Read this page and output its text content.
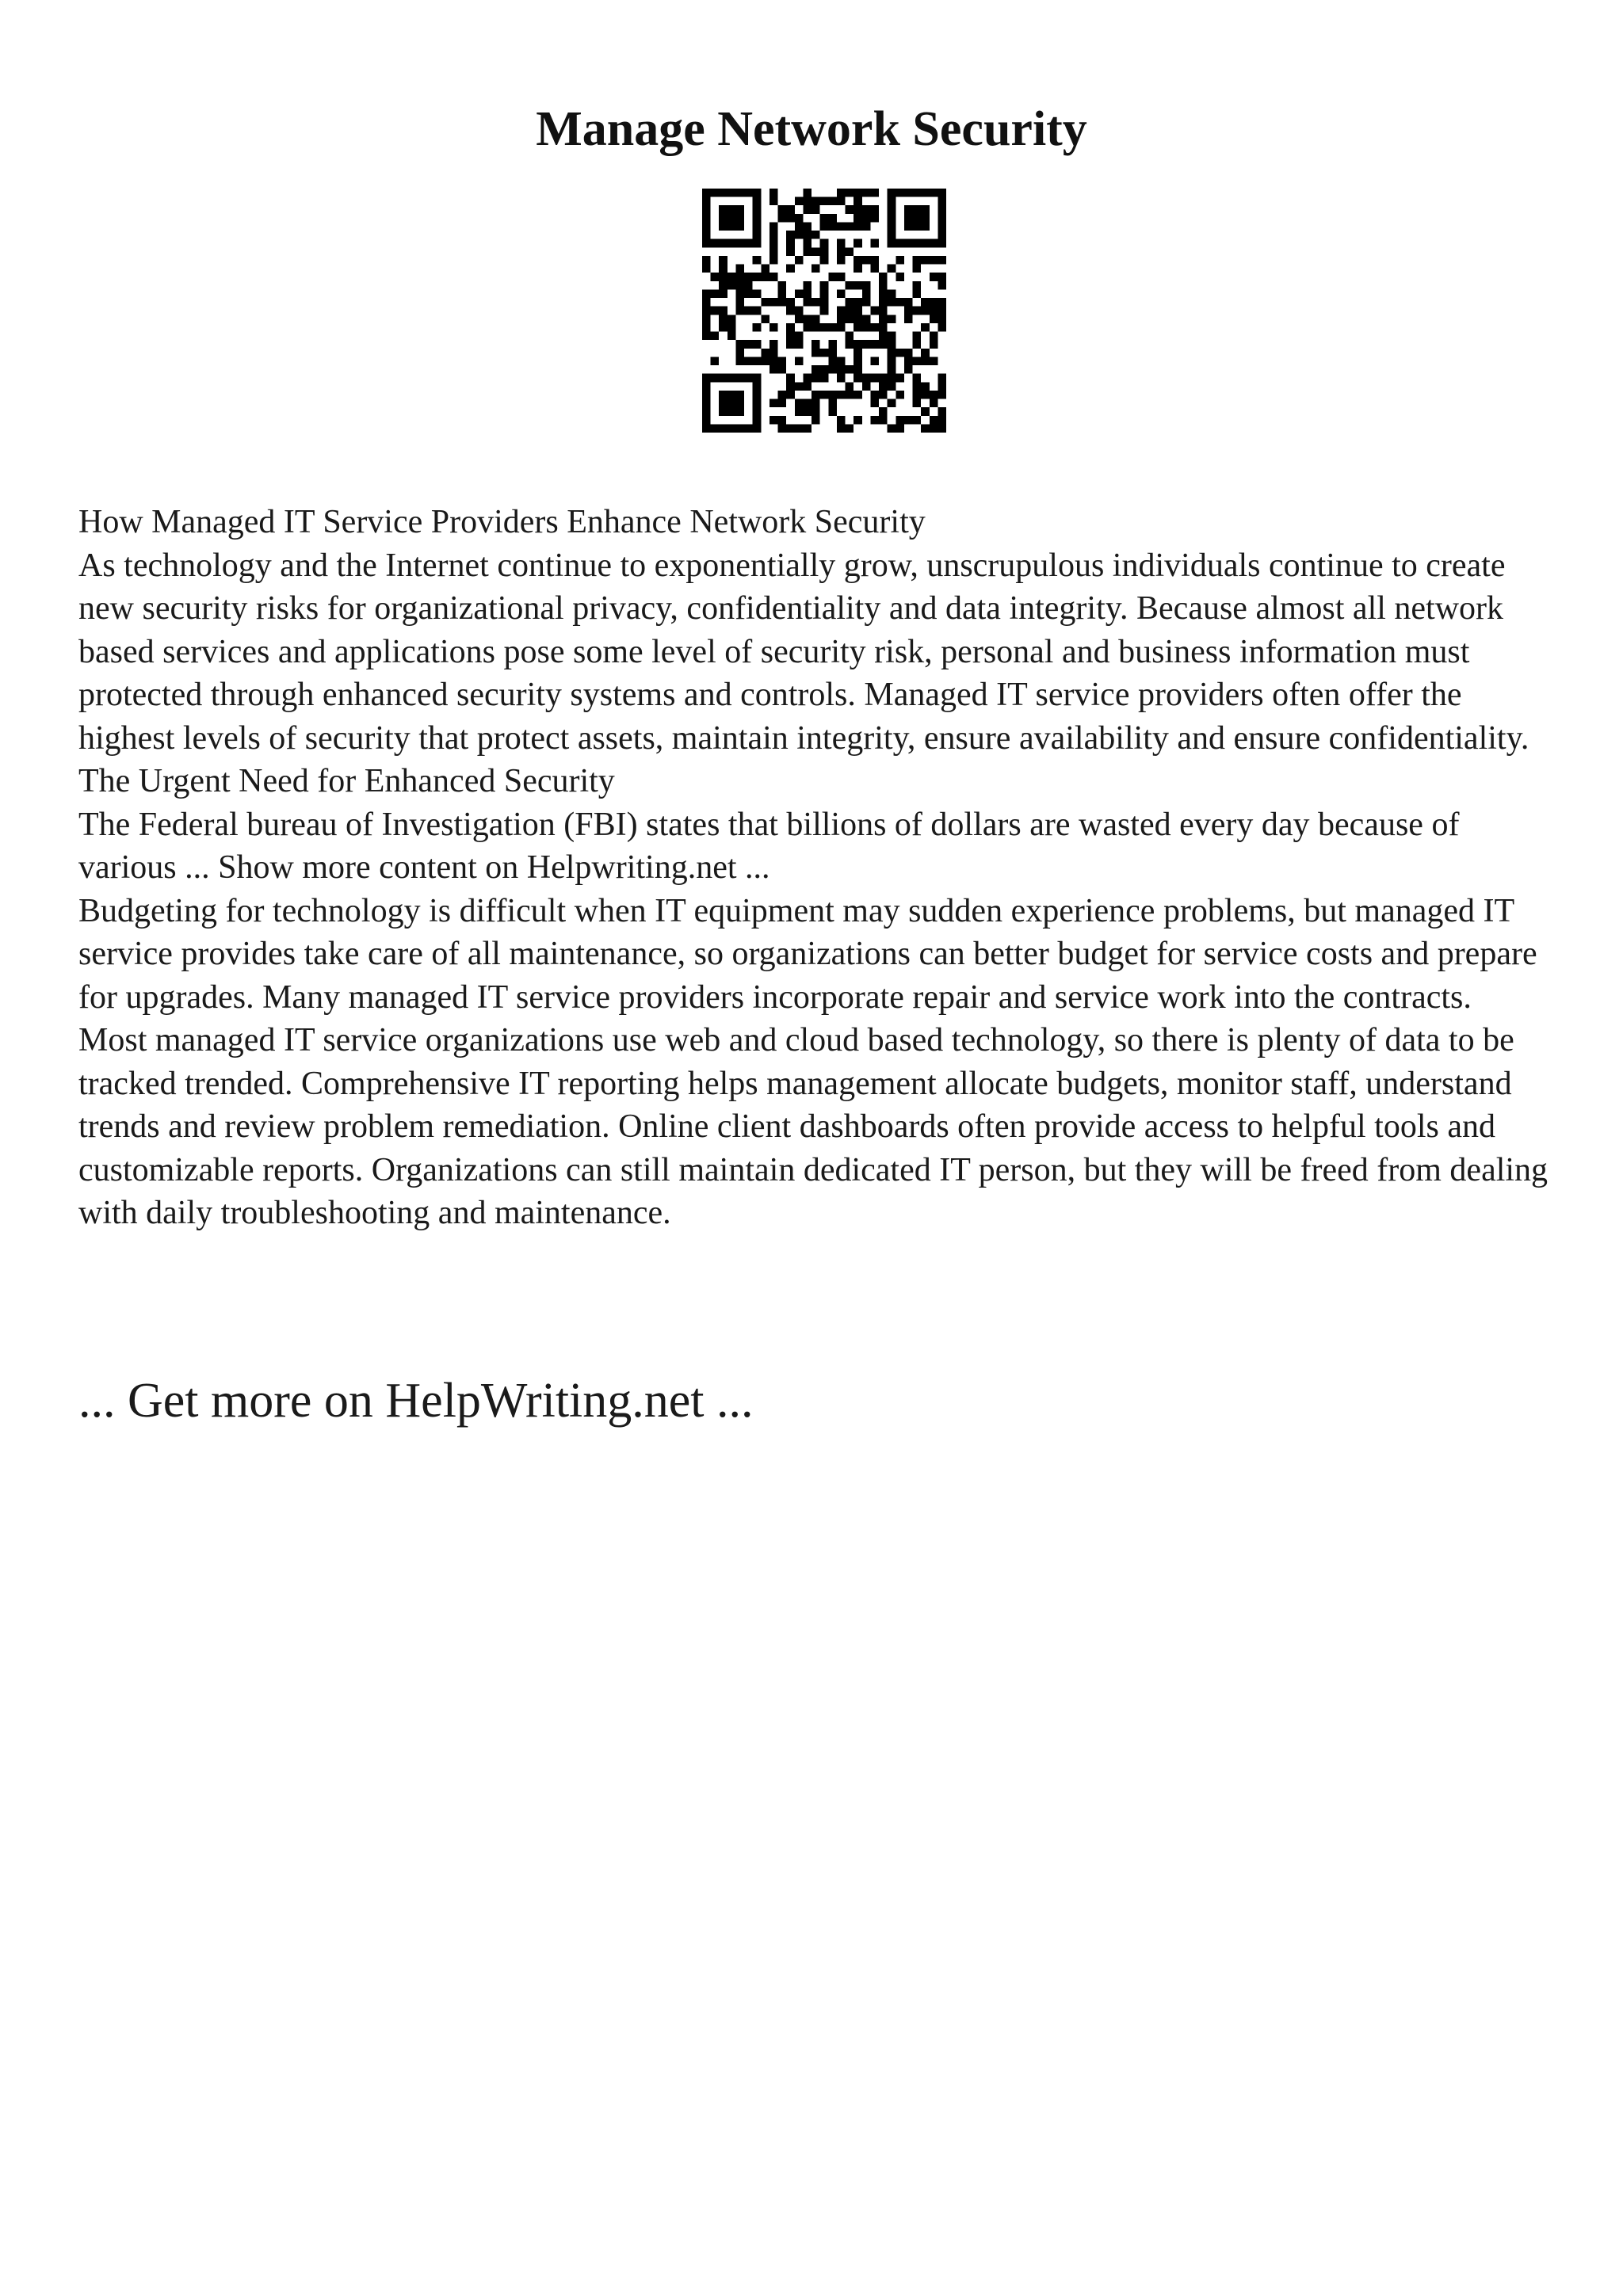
Manage Network Security

How Managed IT Service Providers Enhance Network Security

As technology and the Internet continue to exponentially grow, unscrupulous individuals continue to create new security risks for organizational privacy, confidentiality and data integrity. Because almost all network based services and applications pose some level of security risk, personal and business information must protected through enhanced security systems and controls. Managed IT service providers often offer the highest levels of security that protect assets, maintain integrity, ensure availability and ensure confidentiality.

The Urgent Need for Enhanced Security

The Federal bureau of Investigation (FBI) states that billions of dollars are wasted every day because of various ... Show more content on Helpwriting.net ...

Budgeting for technology is difficult when IT equipment may sudden experience problems, but managed IT service provides take care of all maintenance, so organizations can better budget for service costs and prepare for upgrades. Many managed IT service providers incorporate repair and service work into the contracts.

Most managed IT service organizations use web and cloud based technology, so there is plenty of data to be tracked trended. Comprehensive IT reporting helps management allocate budgets, monitor staff, understand trends and review problem remediation. Online client dashboards often provide access to helpful tools and customizable reports. Organizations can still maintain dedicated IT person, but they will be freed from dealing with daily troubleshooting and maintenance.

... Get more on HelpWriting.net ...
